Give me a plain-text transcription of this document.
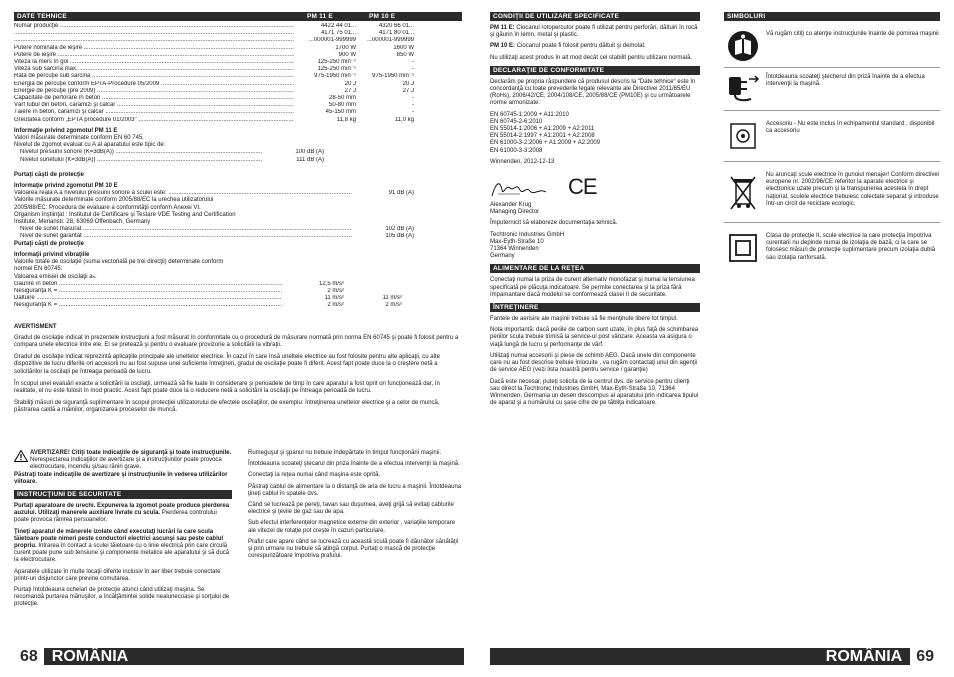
DATE TEHNICE	PM 11 E	PM 10 E
Număr producţie .....	4422 44 01...	4320 66 01...
.....
4171 75 01...	4171 80 01...
.....
...000001-999999	...000001-999999
Putere nominală de ieşire .....	1700 W	1600 W
Putere de ieşire .....	900 W	850 W
Viteza la mers în gol .....	125-250 min⁻¹	-
Viteza sub sarcina max. .....	125-250 min⁻¹	-
Rata de percuţie sub sarcină .....	975-1950 min⁻¹	975-1950 min⁻¹
Energia de percuţie conform EPTA-Procedure 05/2009 .....	20 J	20 J
Energie de percuţie (pre 2009) .....	27 J	27 J
Capacitate de perforare în beton .....	28-50 mm	-
Vârf tubul din beton, cărămizi şi calcar .....	50-80 mm	-
Tăiere în beton, cărămizi şi calcar .....	45-150 mm	-
Greutatea conform „EPTA procedure 01/2003" .....	11,8 kg	11,0 kg
Informaţie privind zgomotul PM 11 E
Valori măsurate determinate conform EN 60 745.
Nivelul de zgomot evaluat cu A al aparatului este tipic de:
Nivelul presiunii sonore (K=3dB(A)) .....	100 dB (A)
Nivelul sunetului (K=3dB(A)) .....	111 dB (A)
Purtaţi căşti de protecţie
Informaţie privind zgomotul PM 10 E
Valoarea reală A a nivelului presiunii sonore a sculei este: .....	91 dB (A)
Valorile măsurate determinate conform 2005/88/EC la urechea utilizatorului
2005/88/EC: Procedura de evaluare a conformităţii conform Anexei VI.
Organism înştiinţat : Institutul de Certificare şi Testare VDE Testing and Certification Institute, Merianstr. 28, 63069 Offenbach, Germany
Nivel de sunet măsurat .....	102 dB (A)
Nivel de sunet garantat .....	105 dB (A)
Purtaţi căşti de protecţie
Informaţii privind vibraţiile
Valorile totale de oscilaţie (suma vectorială pe trei direcţii) determinate conform normei EN 60745:
Valoarea emisiei de oscilaţii aₕ:
Găurire în beton .....	12,5 m/s²
Nesiguranţă K = .....	2 m/s²
Dăltuire .....	11 m/s²	11 m/s²
Nesiguranţă K = .....	2 m/s²	2 m/s²
AVERTISMENT
Gradul de oscilaţie indicat în prezentele instrucţiuni a fost măsurat în conformitate cu o procedură de măsurare normată prin norma EN 60745 şi poate fi folosit pentru a compara unele electrice între ele. El se pretează şi pentru o evaluare provizorie a solicitării la vibraţii.
Gradul de oscilaţie indicat reprezintă aplicaţiile principale ale uneltelor electrice. În cazul în care însă uneltele electrice au fost folosite pentru alte aplicaţii, cu alte dispozitive de lucru diferite ori accesorii nu au fost supuse unei suficiente întreţineri, gradul de oscilaţie poate fi diferit. Acest fapt poate duce la o creştere netă a solicitărilor la oscilaţii pe întreaga perioadă de lucru.
În scopul unei evaluări exacte a solicitării la oscilaţii, urmează să fie luate în considerare şi perioadele de timp în care aparatul a fost oprit ori funcţionează dar, în realitate, el nu este folosit în mod practic. Acest fapt poate duce la o reducere netă a solicitării la oscilaţii pe întreaga perioadă de lucru.
Stabiliţi măsuri de siguranţă suplimentare în scopul protecţiei utilizatorului de efectele oscilaţiilor, de exemplu: întreţinerea uneltelor electrice şi a celor de muncă, păstrarea caldă a mâinilor, organizarea proceselor de muncă.
AVERTIZARE! Citiţi toate indicaţiile de siguranţă şi toate instrucţiunile. Nerespectarea indicaţiilor de avertizare şi a instrucţiunilor poate provoca electrocutare, incendiu şi/sau răniri grave.
Păstraţi toate indicaţiile de avertizare şi instrucţiunile în vederea utilizărilor viitoare.
INSTRUCŢIUNI DE SECURITATE
Purtaţi aparatoare de urechi. Expunerea la zgomot poate produce pierderea auzului. Utilizaţi manerele auxiliare livrate cu scula. Pierderea controlului poate provoca rănirea persoanelor.
Ţineţi aparatul de mânerele izolate când executaţi lucrări la care scula tăietoare poate nimeri peste conductori electrici ascunşi sau peste cablul propriu. Intrarea în contact a sculei tăietoare cu o linie electrică prin care circulă curent poate pune sub tensiune şi componente metalice ale aparatului şi să ducă la electrocutare.
Aparatele utilizate în multe locaţii diferite inclusiv în aer liber trebuie conectate printr-un disjunctor care previne comutarea.
Purtaţi întotdeauna ochelari de protecţie atunci când utilizaţi maşina. Se recomandă purtarea mănuşilor, a încălţămintei solide nealunecoase şi sorţului de protecţie.
Rumeguşul şi şpanul nu trebuie îndepărtate în timpul funcţionării maşinii.
Întotdeauna scoateţi ştecarul din priza înainte de a efectua intervenţii la maşină.
Conectaţi la reţea numai când maşina este oprită.
Păstraţi cablul de alimentare la o distanţă de aria de lucru a maşinii. Întotdeauna ţineţi cablul în spatele dvs.
Când se lucrează pe pereţi, tavan sau duşumea, aveţi grijă să evitaţi cablurile electrice şi ţevile de gaz sau de apa.
Sub efectul interferenţelor magnetice externe din exterior , variaţiile temporare ale vitezei de rotaţie pot creşte în cazuri particulare.
Praful care apare când se lucrează cu această sculă poate fi dăunător sănătăţii şi prin urmare nu trebuie să atingă corpul. Purtaţi o mască de protecţie corespunzătoare împotriva prafului.
68 ROMÂNIA
CONDIŢII DE UTILIZARE SPECIFICATE
PM 11 E: Ciocanul rotopercutor poate fi utilizat pentru perforări, dăltuiri în rocă şi găurin în lemn, metal şi plastic.
PM 10 E: Ciocanul poate fi folosit pentru dăltuit şi demolat.
Nu utilizaţi acest produs în alt mod decât cel stabilit pentru utilizare normală.
DECLARAŢIE DE CONFORMITATE
Declarăm pe propria răspundere că produsul descris la "Date tehnice" este în concordanţă cu toate prevederile legale relevante ale Directivei 2011/65/EU (RoHs), 2006/42/CE, 2004/108/CE, 2005/88/CE (PM10E) şi cu următoarele norme armonizate:
EN 60745-1:2009 + A11:2010
EN 60745-2-6:2010
EN 55014-1:2006 + A1:2009 + A2:2011
EN 55014-2:1997 + A1:2001 + A2:2008
EN 61000-3-2:2006 + A1:2009 + A2:2009
EN 61000-3-3:2008
Winnenden, 2012-12-13
CE
Alexander Krug
Managing Director
Împuternicit să elaboreze documentaţia tehnică.
Techtronic Industries GmbH
Max-Eyth-Straße 10
71364 Winnenden
Germany
ALIMENTARE DE LA REŢEA
Conectaţi numai la priza de curent alternativ monofazat şi numai la tensiunea specificată pe plăcuţa indicatoare. Se permite conectarea şi la priza fără împamantare dacă modelul se conformează clasei II de securitate.
ÎNTREŢINERE
Fantele de aerisire ale maşinii trebuie să fie menţinute libere tot timpul.
Nota importantă: dacă periile de carbon sunt uzate, în plus faţă de schimbarea periilor scula trebuie trimisă la service-ul post vânzare. Aceasta va asigura o viaţă lungă de lucru şi performanţe de vârf.
Utilizaţi numai accesorii şi piese de schimb AEG. Dacă unele din componente care nu au fost descrise trebuie înlocuite , va rugăm contactaţi unul din agenţii de service AEG (vezi lista noastră pentru service / garanţie)
Dacă este necesar, puteţi solicita de la centrul dvs. de service pentru clienţi sau direct la Techtronic Industries GmbH, Max-Eyth-Straße 10, 71364 Winnenden, Germania un desen descompus al aparatului prin indicarea tipului de aparat şi a numărului cu şase cifre de pe tăbliţa indicatoare.
SIMBOLURI
Vă rugăm citiţi cu atenţie instrucţiunile înainte de pornirea maşinii
Întotdeauna scoateţi ştecherul din priză înainte de a efectua intervenţii la maşină.
Accesoriu - Nu este inclus în echipamentul standard , disponibil ca accesoriu
Nu aruncaţi scule electrice în gunoiul menajer! Conform directivei europene nr. 2002/96/CE referitor la aparate electrice şi electronice uzate precum şi la transpunerea acesteia în drept naţional, sculele electrice trebuiesc colectate separat şi introduse într-un circit de reciclare ecologic.
Clasa de protecţie II, scule electrice la care protecţia împotriva curentarii nu depinde numai de izolaţia de bază, ci la care se folosesc măsuri de protecţie suplimentare precum izolaţia dublă sau izolaţia ranforsată.
ROMÂNIA 69
